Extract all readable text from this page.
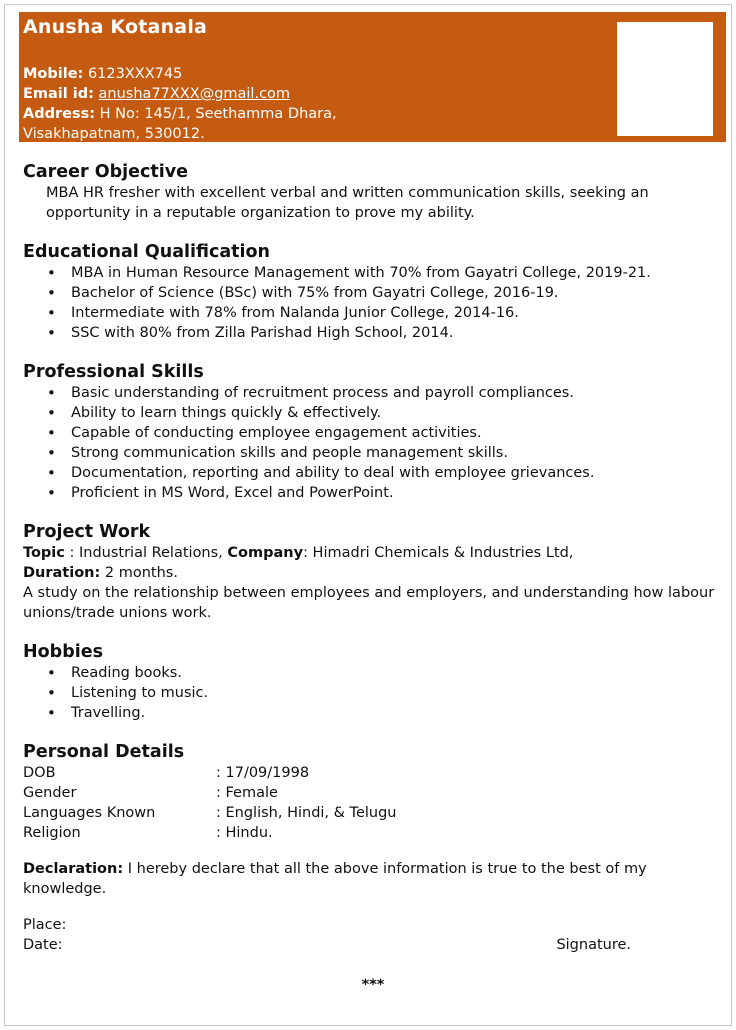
Anusha Kotanala
Mobile: 6123XXX745
Email id: anusha77XXX@gmail.com
Address: H No: 145/1, Seethamma Dhara,
Visakhapatnam, 530012.
Career Objective

MBA HR fresher with excellent verbal and written communication skills, seeking an opportunity in a reputable organization to prove my ability.

Educational Qualification
• MBA in Human Resource Management with 70% from Gayatri College, 2019-21.
• Bachelor of Science (BSc) with 75% from Gayatri College, 2016-19.
• Intermediate with 78% from Nalanda Junior College, 2014-16.
• SSC with 80% from Zilla Parishad High School, 2014.
Professional Skills
• Basic understanding of recruitment process and payroll compliances.
• Ability to learn things quickly & effectively.
• Capable of conducting employee engagement activities.
• Strong communication skills and people management skills.
• Documentation, reporting and ability to deal with employee grievances.
• Proficient in MS Word, Excel and PowerPoint.
Project Work

Topic : Industrial Relations, Company: Himadri Chemicals & Industries Ltd,

Duration: 2 months.

A study on the relationship between employees and employers, and understanding how labour unions/trade unions work.

Hobbies
• Reading books.
• Listening to music.
• Travelling.
Personal Details
DOB	: 17/09/1998
Gender	: Female
Languages Known	: English, Hindi, & Telugu
Religion	: Hindu.

Declaration: I hereby declare that all the above information is true to the best of my knowledge.

Place:

Date:	Signature.
***
